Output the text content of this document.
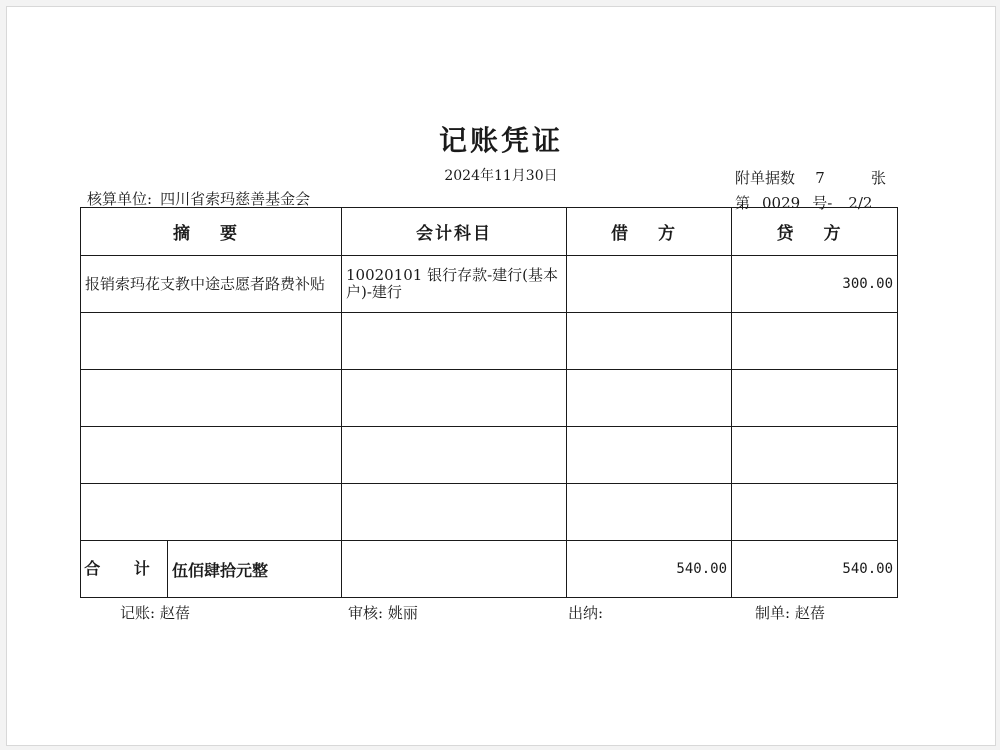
记账凭证
2024年11月30日
核算单位: 四川省索玛慈善基金会
附单据数 7	张
第 0029 号- 2/2
摘 要	会计科目	借 方	贷 方
报销索玛花支教中途志愿者路费补贴	10020101 银行存款-建行(基本户)-建行		300.00

合 计 伍佰肆拾元整		540.00	540.00
记账: 赵蓓	审核: 姚丽	出纳:	制单: 赵蓓
